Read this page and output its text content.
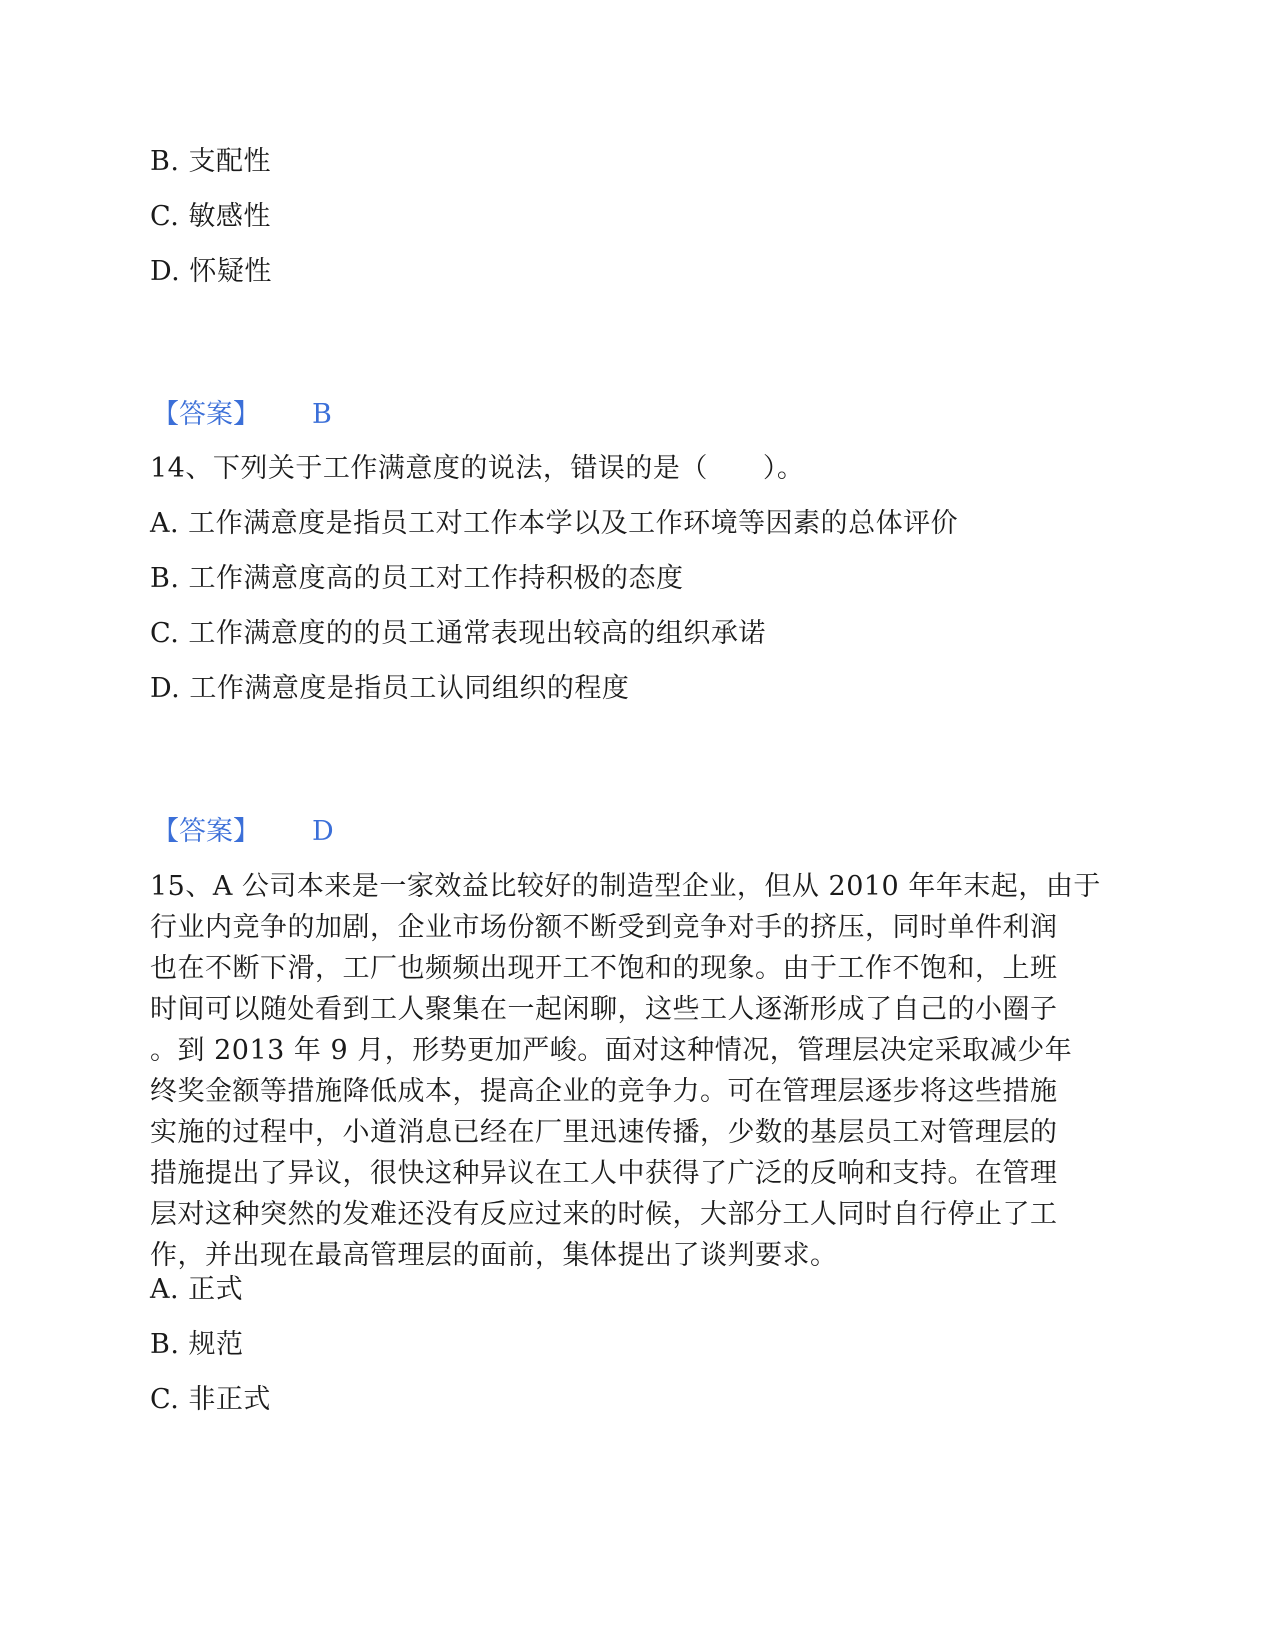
B. 支配性
C. 敏感性
D. 怀疑性
【答案】 B
14、下列关于工作满意度的说法，错误的是（　　）。
A. 工作满意度是指员工对工作本学以及工作环境等因素的总体评价
B. 工作满意度高的员工对工作持积极的态度
C. 工作满意度的的员工通常表现出较高的组织承诺
D. 工作满意度是指员工认同组织的程度
【答案】 D
15、A 公司本来是一家效益比较好的制造型企业，但从 2010 年年末起，由于
行业内竞争的加剧，企业市场份额不断受到竞争对手的挤压，同时单件利润
也在不断下滑，工厂也频频出现开工不饱和的现象。由于工作不饱和，上班
时间可以随处看到工人聚集在一起闲聊，这些工人逐渐形成了自己的小圈子
。到 2013 年 9 月，形势更加严峻。面对这种情况，管理层决定采取减少年
终奖金额等措施降低成本，提高企业的竞争力。可在管理层逐步将这些措施
实施的过程中，小道消息已经在厂里迅速传播，少数的基层员工对管理层的
措施提出了异议，很快这种异议在工人中获得了广泛的反响和支持。在管理
层对这种突然的发难还没有反应过来的时候，大部分工人同时自行停止了工
作，并出现在最高管理层的面前，集体提出了谈判要求。
A. 正式
B. 规范
C. 非正式
